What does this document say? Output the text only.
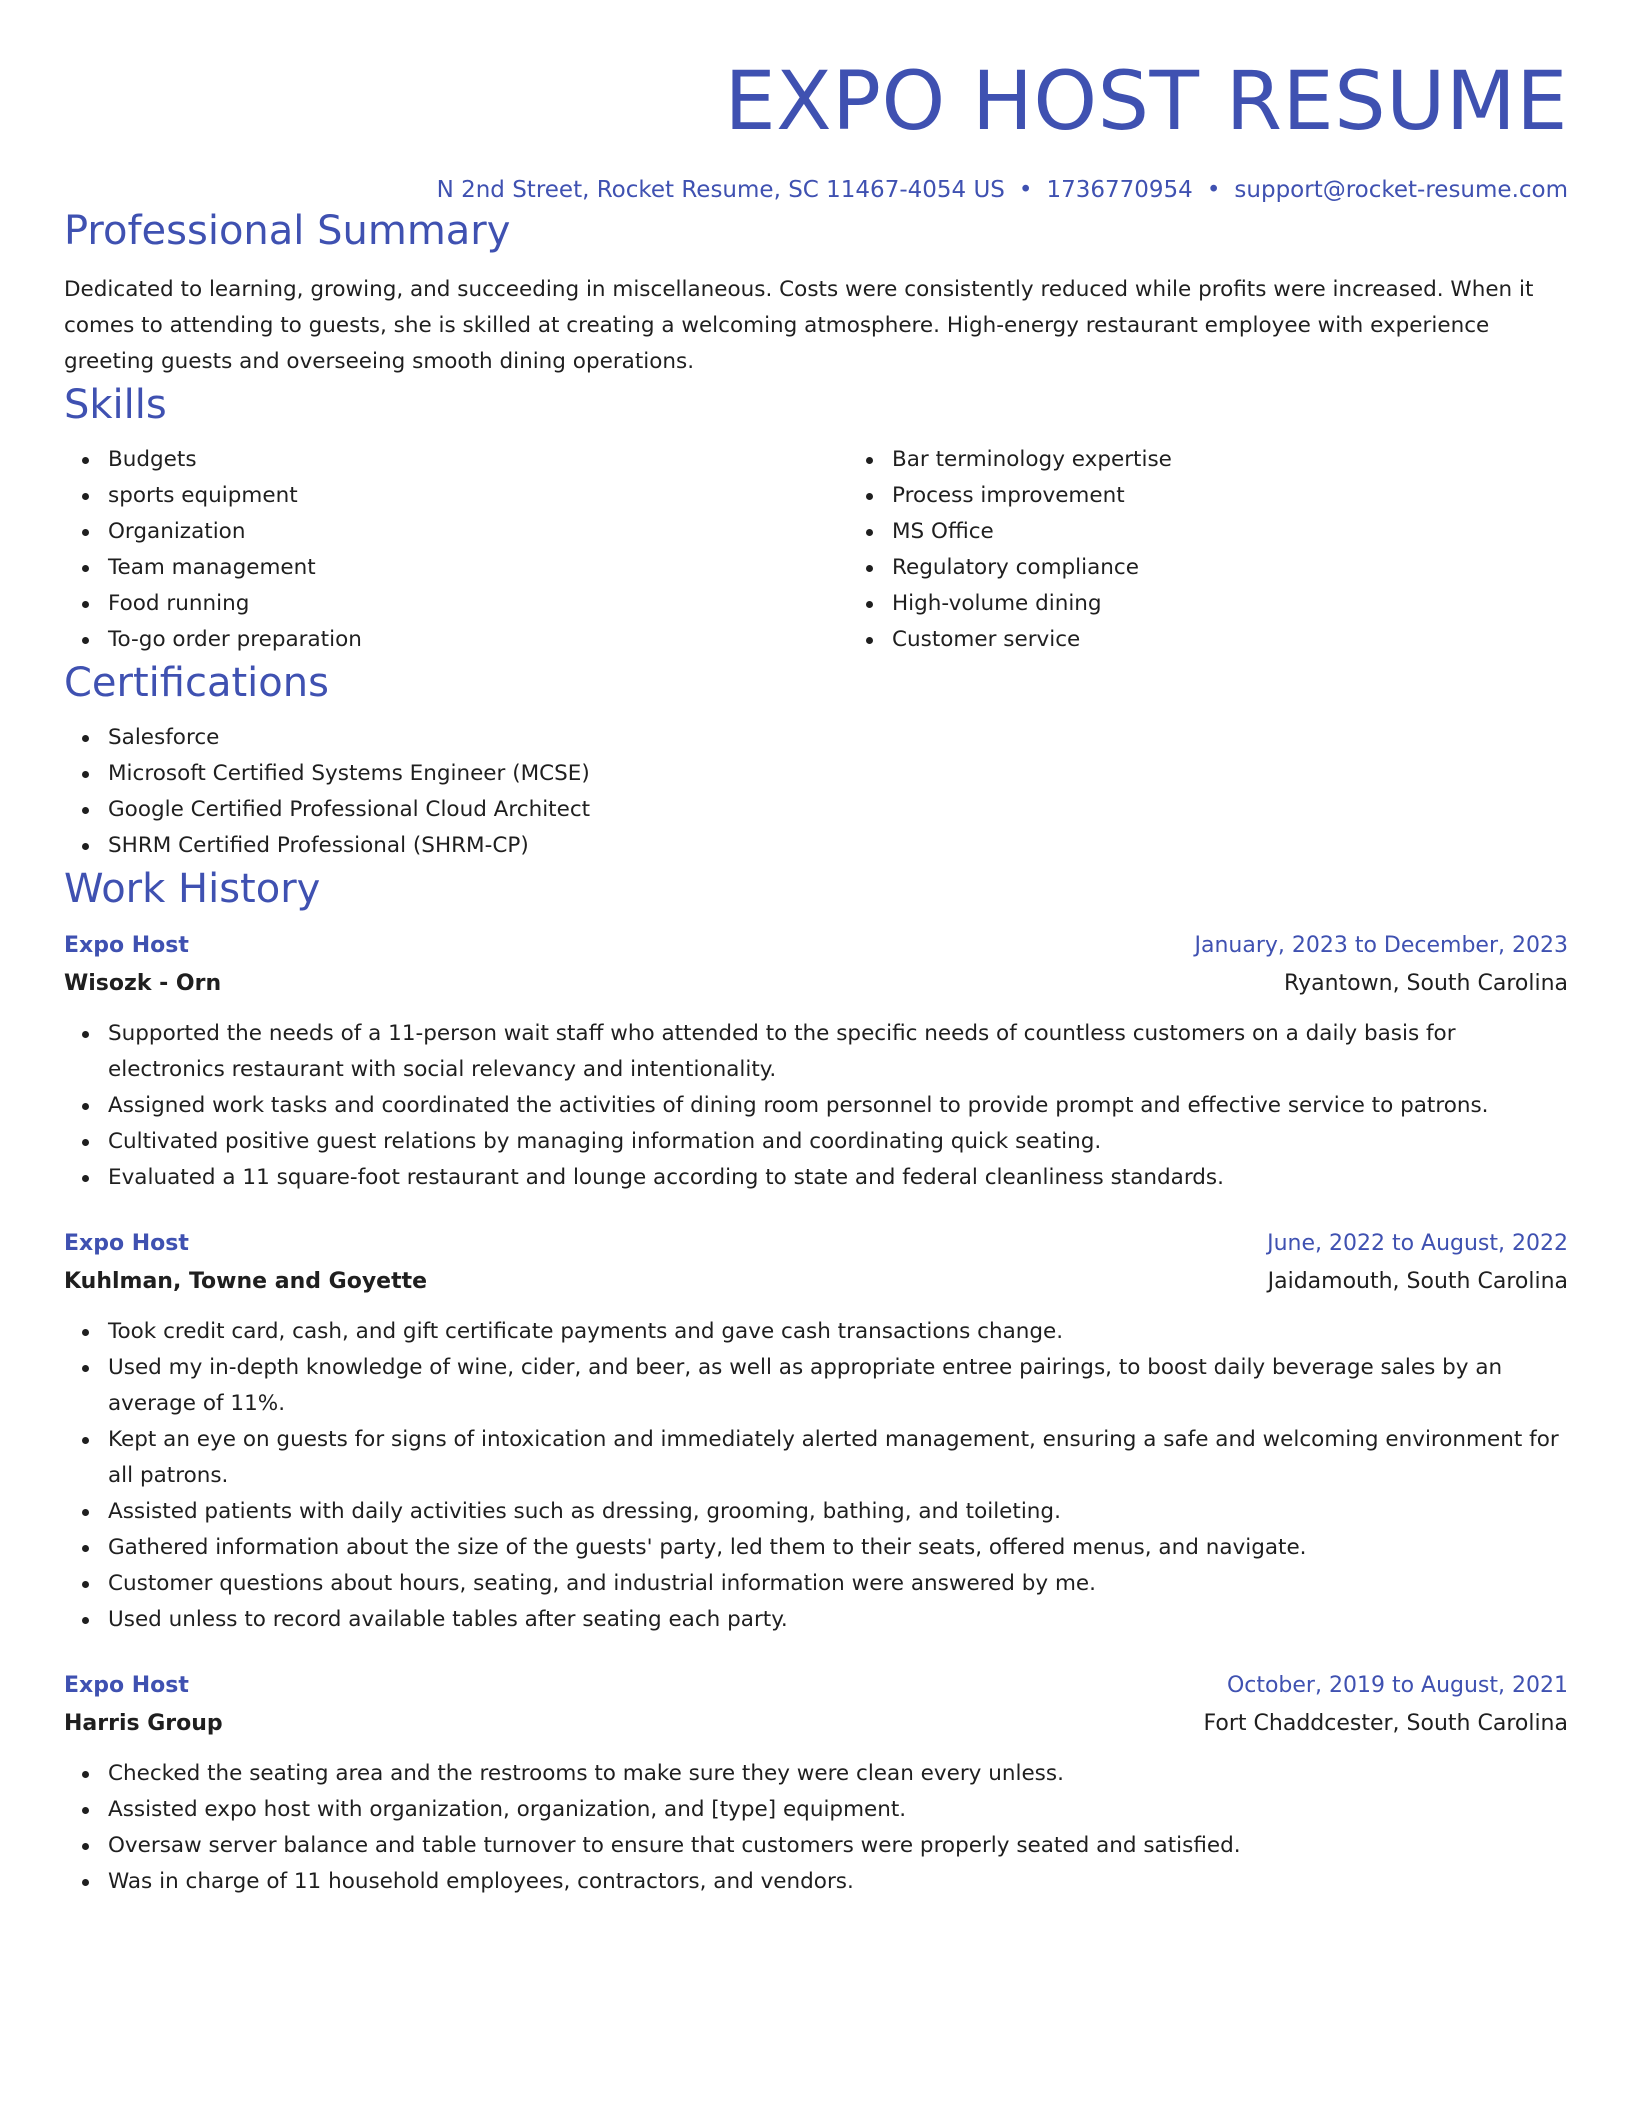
EXPO HOST RESUME
N 2nd Street, Rocket Resume, SC 11467-4054 US • 1736770954 • support@rocket-resume.com
Professional Summary

Dedicated to learning, growing, and succeeding in miscellaneous. Costs were consistently reduced while profits were increased. When it comes to attending to guests, she is skilled at creating a welcoming atmosphere. High-energy restaurant employee with experience greeting guests and overseeing smooth dining operations.

Skills
Budgets
sports equipment
Organization
Team management
Food running
To-go order preparation
Bar terminology expertise
Process improvement
MS Office
Regulatory compliance
High-volume dining
Customer service
Certifications
Salesforce
Microsoft Certified Systems Engineer (MCSE)
Google Certified Professional Cloud Architect
SHRM Certified Professional (SHRM-CP)
Work History
Expo Host	January, 2023 to December, 2023
Wisozk - Orn	Ryantown, South Carolina
Supported the needs of a 11-person wait staff who attended to the specific needs of countless customers on a daily basis for electronics restaurant with social relevancy and intentionality.
Assigned work tasks and coordinated the activities of dining room personnel to provide prompt and effective service to patrons.
Cultivated positive guest relations by managing information and coordinating quick seating.
Evaluated a 11 square-foot restaurant and lounge according to state and federal cleanliness standards.
Expo Host	June, 2022 to August, 2022
Kuhlman, Towne and Goyette	Jaidamouth, South Carolina
Took credit card, cash, and gift certificate payments and gave cash transactions change.
Used my in-depth knowledge of wine, cider, and beer, as well as appropriate entree pairings, to boost daily beverage sales by an average of 11%.
Kept an eye on guests for signs of intoxication and immediately alerted management, ensuring a safe and welcoming environment for all patrons.
Assisted patients with daily activities such as dressing, grooming, bathing, and toileting.
Gathered information about the size of the guests' party, led them to their seats, offered menus, and navigate.
Customer questions about hours, seating, and industrial information were answered by me.
Used unless to record available tables after seating each party.
Expo Host	October, 2019 to August, 2021
Harris Group	Fort Chaddcester, South Carolina
Checked the seating area and the restrooms to make sure they were clean every unless.
Assisted expo host with organization, organization, and [type] equipment.
Oversaw server balance and table turnover to ensure that customers were properly seated and satisfied.
Was in charge of 11 household employees, contractors, and vendors.
